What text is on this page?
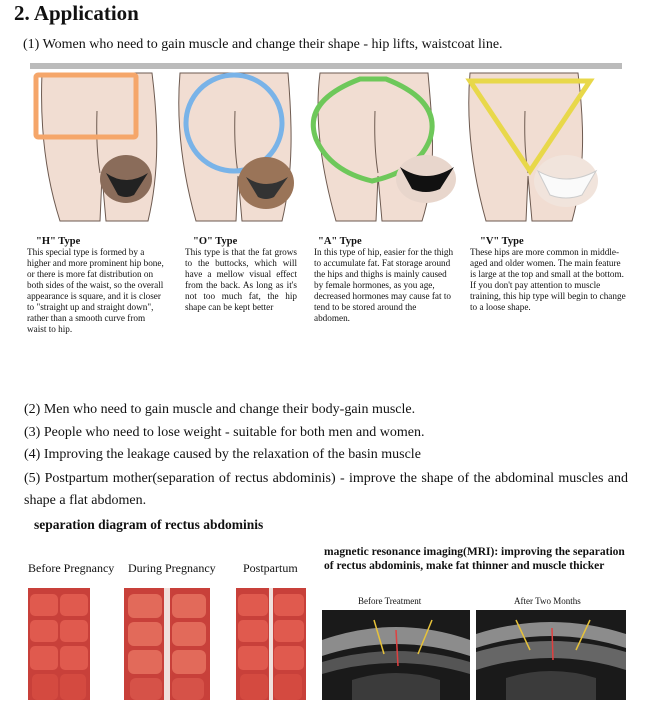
2. Application
(1) Women who need to gain muscle and change their shape - hip lifts, waistcoat line.
"H" Type
This special type is formed by a higher and more prominent hip bone, or there is more fat distribution on both sides of the waist, so the overall appearance is square, and it is closer to "straight up and straight down", rather than a smooth curve from waist to hip.
"O" Type
This type is that the fat grows to the buttocks, which will have a mellow visual effect from the back. As long as it's not too much fat, the hip shape can be kept better
"A" Type
In this type of hip, easier for the thigh to accumulate fat. Fat storage around the hips and thighs is mainly caused by female hormones, as you age, decreased hormones may cause fat to tend to be stored around the abdomen.
"V" Type
These hips are more common in middle-aged and older women. The main feature is large at the top and small at the bottom. If you don't pay attention to muscle training, this hip type will begin to change to a loose shape.
(2) Men who need to gain muscle and change their body-gain muscle.
(3) People who need to lose weight - suitable for both men and women.
(4) Improving the leakage caused by the relaxation of the basin muscle
(5) Postpartum mother(separation of rectus abdominis) - improve the shape of the abdominal muscles and shape a flat abdomen.
separation diagram of rectus abdominis
Before Pregnancy During Pregnancy Postpartum
magnetic resonance imaging(MRI): improving the separation of rectus abdominis, make fat thinner and muscle thicker
Before Treatment	After Two Months
